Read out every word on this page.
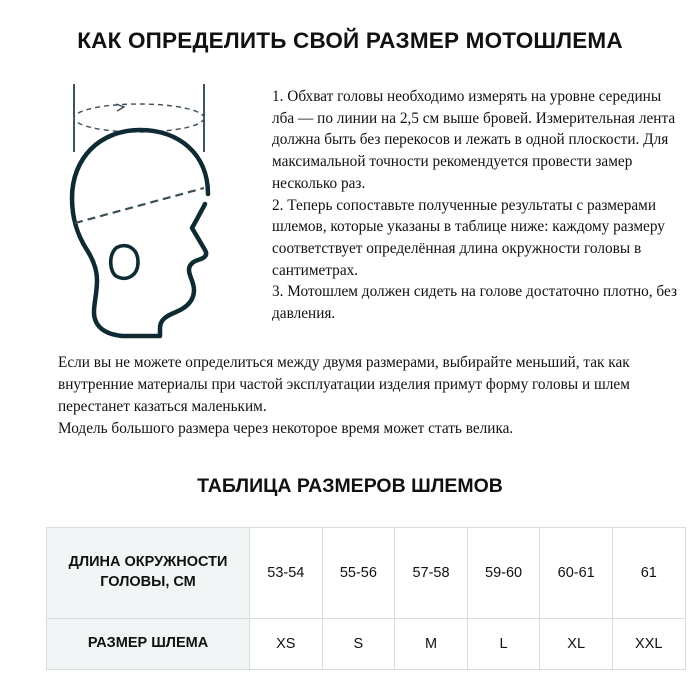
КАК ОПРЕДЕЛИТЬ СВОЙ РАЗМЕР МОТОШЛЕМА

1. Обхват головы необходимо измерять на уровне середины лба — по линии на 2,5 см выше бровей. Измерительная лента должна быть без перекосов и лежать в одной плоскости. Для максимальной точности рекомендуется провести замер несколько раз.

2. Теперь сопоставьте полученные результаты с размерами шлемов, которые указаны в таблице ниже: каждому размеру соответствует определённая длина окружности головы в сантиметрах.

3. Мотошлем должен сидеть на голове достаточно плотно, без давления.

Если вы не можете определиться между двумя размерами, выбирайте меньший, так как внутренние материалы при частой эксплуатации изделия примут форму головы и шлем перестанет казаться маленьким.

Модель большого размера через некоторое время может стать велика.

ТАБЛИЦА РАЗМЕРОВ ШЛЕМОВ
ДЛИНА ОКРУЖНОСТИ ГОЛОВЫ, СМ	53-54	55-56	57-58	59-60	60-61	61
РАЗМЕР ШЛЕМА	XS	S	M	L	XL	XXL
